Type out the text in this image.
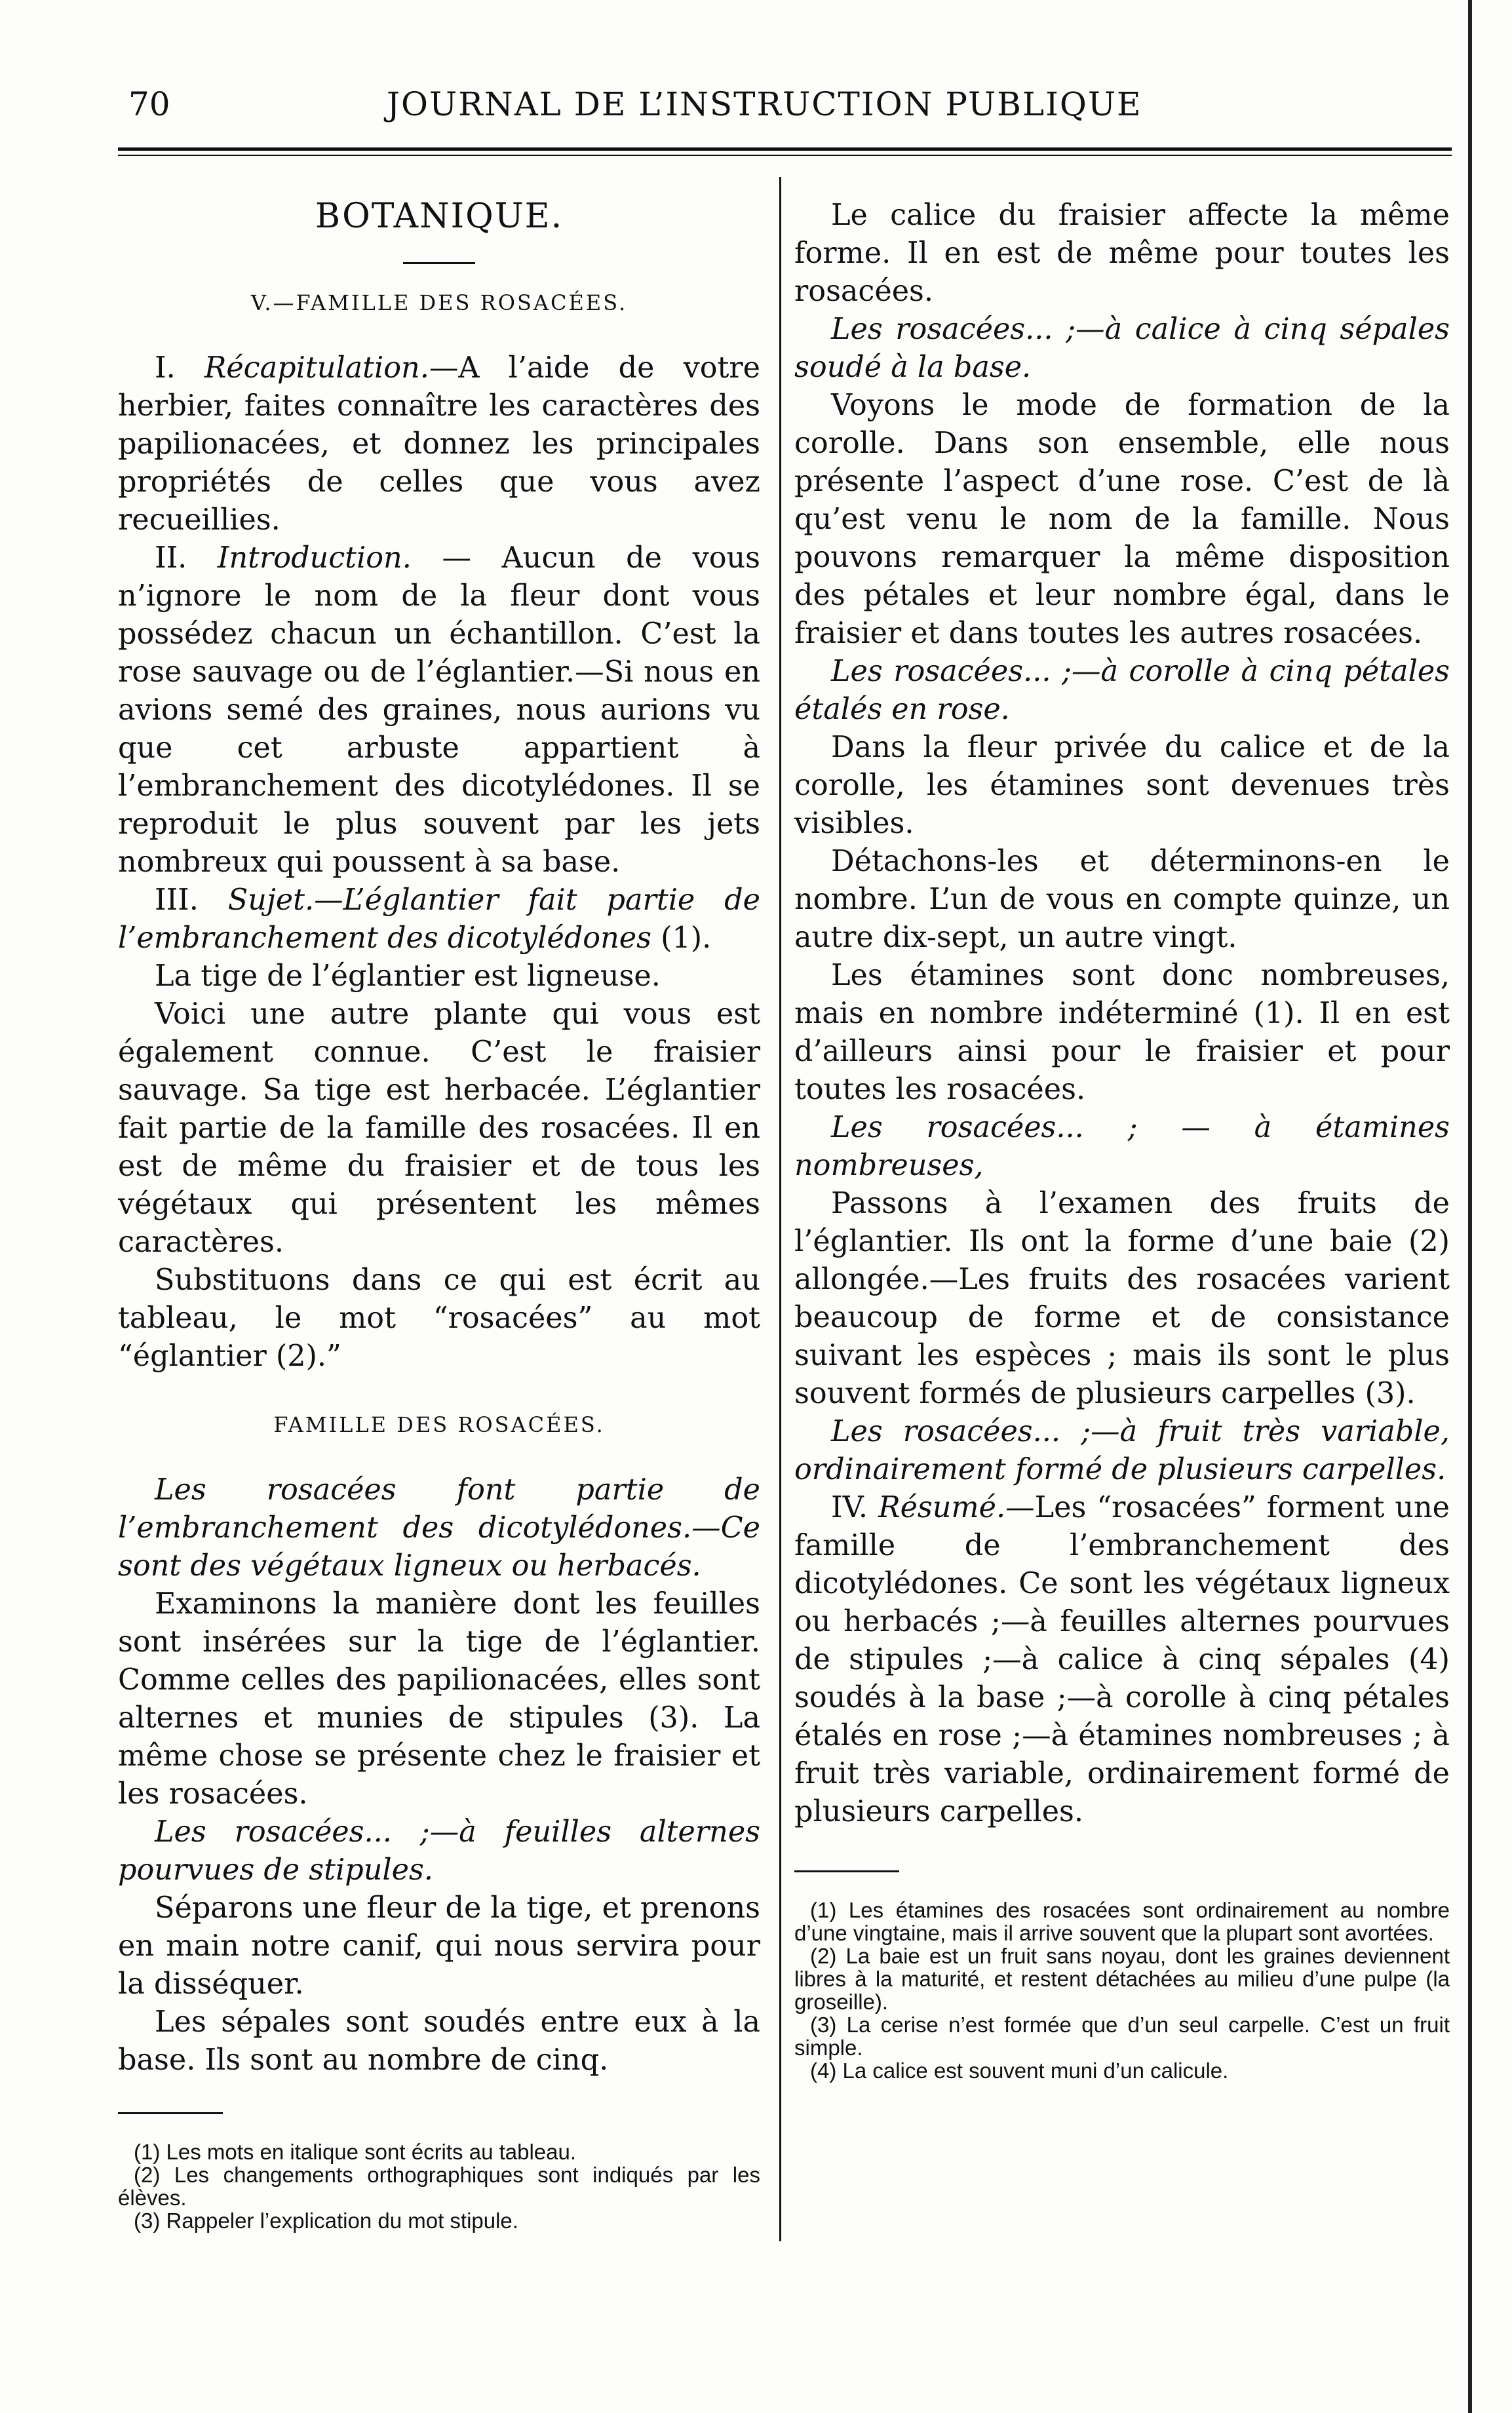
70	JOURNAL DE L’INSTRUCTION PUBLIQUE
BOTANIQUE.
V.—FAMILLE DES ROSACÉES.

I. Récapitulation.—A l’aide de votre herbier, faites connaître les caractères des papilionacées, et donnez les principales propriétés de celles que vous avez recueillies.

II. Introduction. — Aucun de vous n’ignore le nom de la fleur dont vous possédez chacun un échantillon. C’est la rose sauvage ou de l’églantier.—Si nous en avions semé des graines, nous aurions vu que cet arbuste appartient à l’embranchement des dicotylédones. Il se reproduit le plus souvent par les jets nombreux qui poussent à sa base.

III. Sujet.—L’églantier fait partie de l’embranchement des dicotylédones (1).

La tige de l’églantier est ligneuse.

Voici une autre plante qui vous est également connue. C’est le fraisier sauvage. Sa tige est herbacée. L’églantier fait partie de la famille des rosacées. Il en est de même du fraisier et de tous les végétaux qui présentent les mêmes caractères.

Substituons dans ce qui est écrit au tableau, le mot “rosacées” au mot “églantier (2).”

FAMILLE DES ROSACÉES.

Les rosacées font partie de l’embranchement des dicotylédones.—Ce sont des végétaux ligneux ou herbacés.

Examinons la manière dont les feuilles sont insérées sur la tige de l’églantier. Comme celles des papilionacées, elles sont alternes et munies de stipules (3). La même chose se présente chez le fraisier et les rosacées.

Les rosacées... ;—à feuilles alternes pourvues de stipules.

Séparons une fleur de la tige, et prenons en main notre canif, qui nous servira pour la disséquer.

Les sépales sont soudés entre eux à la base. Ils sont au nombre de cinq.

(1) Les mots en italique sont écrits au tableau.
(2) Les changements orthographiques sont indiqués par les élèves.
(3) Rappeler l’explication du mot stipule.

Le calice du fraisier affecte la même forme. Il en est de même pour toutes les rosacées.

Les rosacées... ;—à calice à cinq sépales soudé à la base.

Voyons le mode de formation de la corolle. Dans son ensemble, elle nous présente l’aspect d’une rose. C’est de là qu’est venu le nom de la famille. Nous pouvons remarquer la même disposition des pétales et leur nombre égal, dans le fraisier et dans toutes les autres rosacées.

Les rosacées... ;—à corolle à cinq pétales étalés en rose.

Dans la fleur privée du calice et de la corolle, les étamines sont devenues très visibles.

Détachons-les et déterminons-en le nombre. L’un de vous en compte quinze, un autre dix-sept, un autre vingt.

Les étamines sont donc nombreuses, mais en nombre indéterminé (1). Il en est d’ailleurs ainsi pour le fraisier et pour toutes les rosacées.

Les rosacées... ; — à étamines nombreuses,

Passons à l’examen des fruits de l’églantier. Ils ont la forme d’une baie (2) allongée.—Les fruits des rosacées varient beaucoup de forme et de consistance suivant les espèces ; mais ils sont le plus souvent formés de plusieurs carpelles (3).

Les rosacées... ;—à fruit très variable, ordinairement formé de plusieurs carpelles.

IV. Résumé.—Les “rosacées” forment une famille de l’embranchement des dicotylédones. Ce sont les végétaux ligneux ou herbacés ;—à feuilles alternes pourvues de stipules ;—à calice à cinq sépales (4) soudés à la base ;—à corolle à cinq pétales étalés en rose ;—à étamines nombreuses ; à fruit très variable, ordinairement formé de plusieurs carpelles.

(1) Les étamines des rosacées sont ordinairement au nombre d’une vingtaine, mais il arrive souvent que la plupart sont avortées.
(2) La baie est un fruit sans noyau, dont les graines deviennent libres à la maturité, et restent détachées au milieu d’une pulpe (la groseille).
(3) La cerise n’est formée que d’un seul carpelle. C’est un fruit simple.
(4) La calice est souvent muni d’un calicule.
